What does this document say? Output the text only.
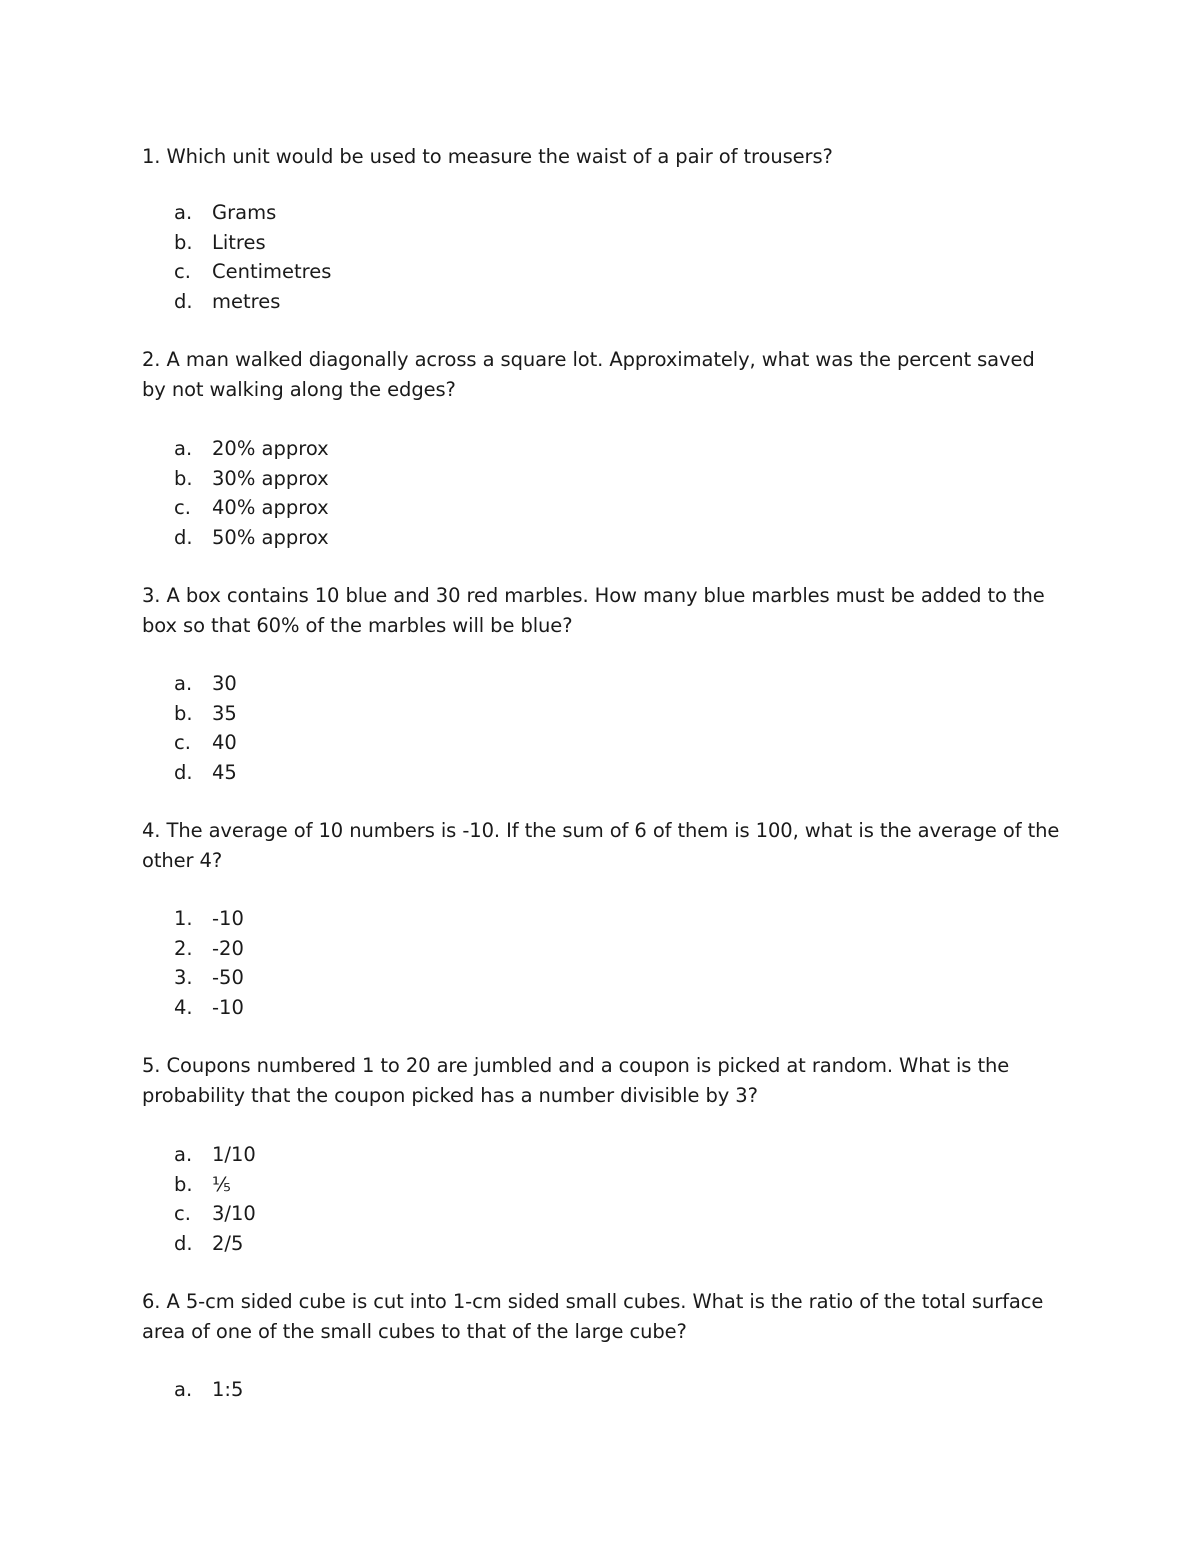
1. Which unit would be used to measure the waist of a pair of trousers?

a. Grams
b. Litres
c. Centimetres
d. metres

2. A man walked diagonally across a square lot. Approximately, what was the percent saved by not walking along the edges?

a. 20% approx
b. 30% approx
c. 40% approx
d. 50% approx

3. A box contains 10 blue and 30 red marbles. How many blue marbles must be added to the box so that 60% of the marbles will be blue?

a. 30
b. 35
c. 40
d. 45

4. The average of 10 numbers is -10. If the sum of 6 of them is 100, what is the average of the other 4?

1. -10
2. -20
3. -50
4. -10

5. Coupons numbered 1 to 20 are jumbled and a coupon is picked at random. What is the probability that the coupon picked has a number divisible by 3?

a. 1/10
b. ⅕
c. 3/10
d. 2/5

6. A 5-cm sided cube is cut into 1-cm sided small cubes. What is the ratio of the total surface area of one of the small cubes to that of the large cube?

a. 1:5
